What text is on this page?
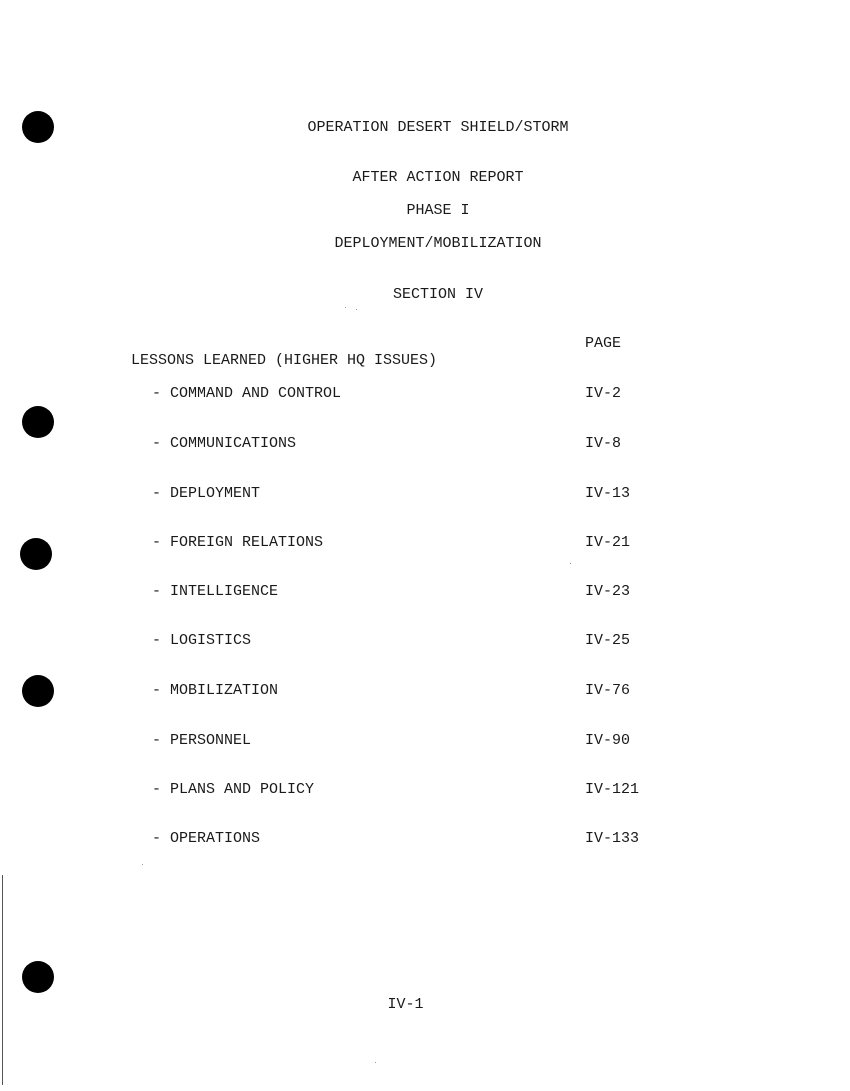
OPERATION DESERT SHIELD/STORM
AFTER ACTION REPORT
PHASE I
DEPLOYMENT/MOBILIZATION
SECTION IV
PAGE
LESSONS LEARNED (HIGHER HQ ISSUES)
- COMMAND AND CONTROL	IV-2
- COMMUNICATIONS	IV-8
- DEPLOYMENT	IV-13
- FOREIGN RELATIONS	IV-21
- INTELLIGENCE	IV-23
- LOGISTICS	IV-25
- MOBILIZATION	IV-76
- PERSONNEL	IV-90
- PLANS AND POLICY	IV-121
- OPERATIONS	IV-133
IV-1
